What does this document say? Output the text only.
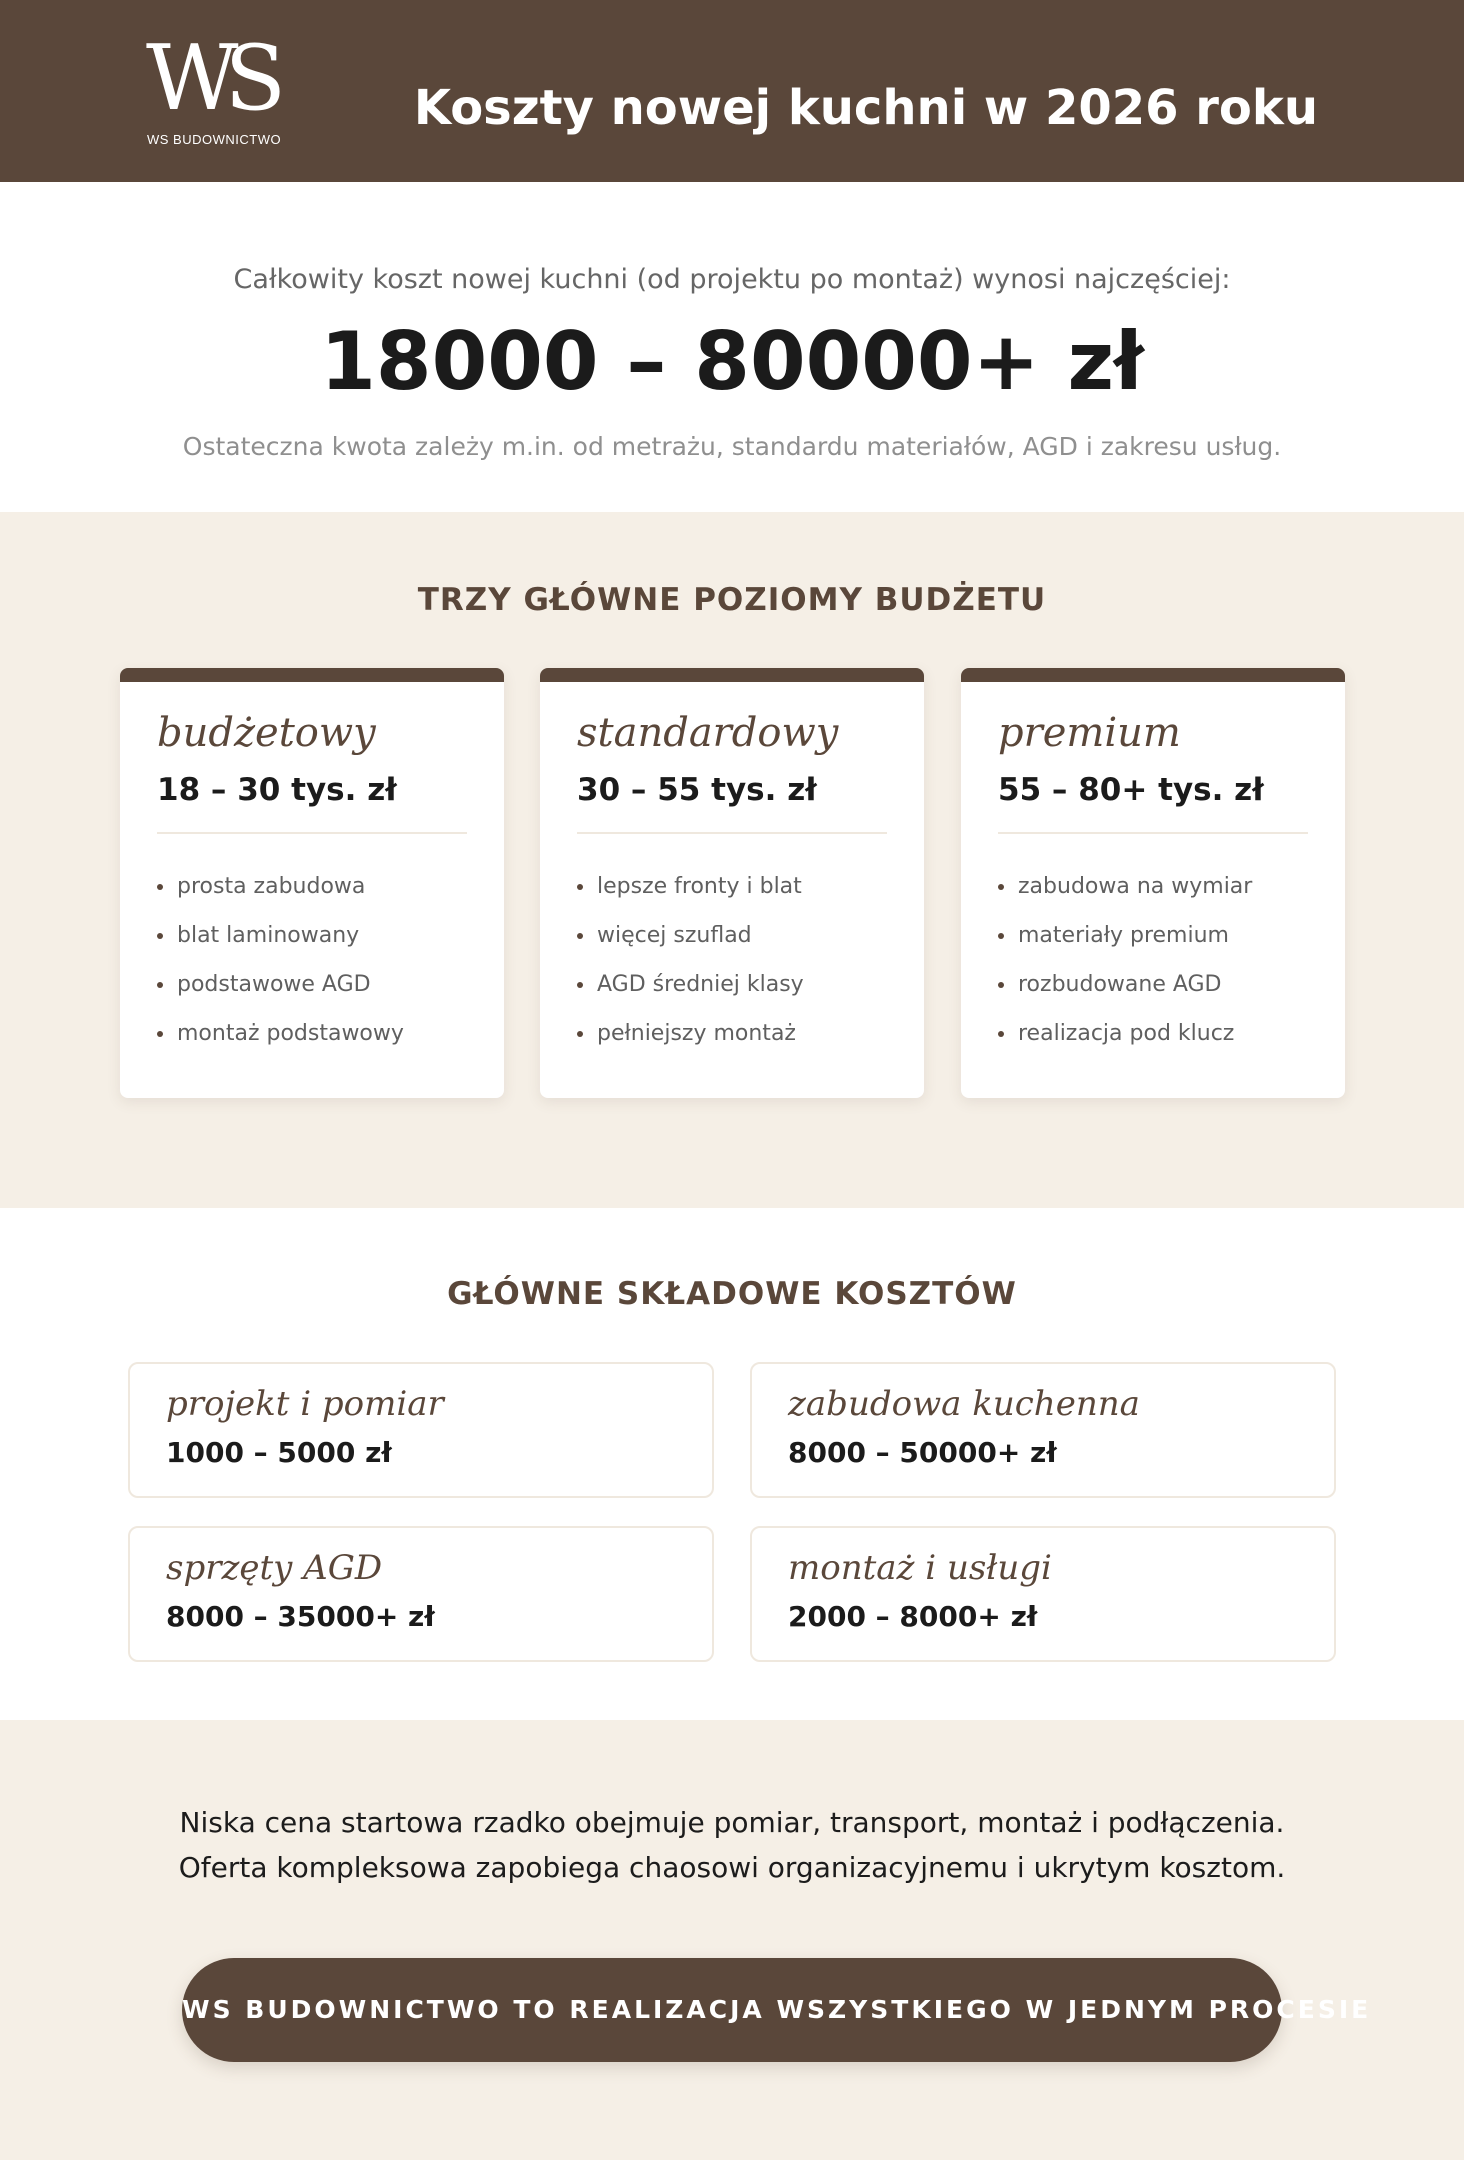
WS
WS BUDOWNICTWO
Koszty nowej kuchni w 2026 roku

Całkowity koszt nowej kuchni (od projektu po montaż) wynosi najczęściej:

18000 – 80000+ zł

Ostateczna kwota zależy m.in. od metrażu, standardu materiałów, AGD i zakresu usług.

TRZY GŁÓWNE POZIOMY BUDŻETU
budżetowy
18 – 30 tys. zł
prosta zabudowa
blat laminowany
podstawowe AGD
montaż podstawowy
standardowy
30 – 55 tys. zł
lepsze fronty i blat
więcej szuflad
AGD średniej klasy
pełniejszy montaż
premium
55 – 80+ tys. zł
zabudowa na wymiar
materiały premium
rozbudowane AGD
realizacja pod klucz
GŁÓWNE SKŁADOWE KOSZTÓW
projekt i pomiar
1000 – 5000 zł
zabudowa kuchenna
8000 – 50000+ zł
sprzęty AGD
8000 – 35000+ zł
montaż i usługi
2000 – 8000+ zł

Niska cena startowa rzadko obejmuje pomiar, transport, montaż i podłączenia.

Oferta kompleksowa zapobiega chaosowi organizacyjnemu i ukrytym kosztom.

WS BUDOWNICTWO TO REALIZACJA WSZYSTKIEGO W JEDNYM PROCESIE
